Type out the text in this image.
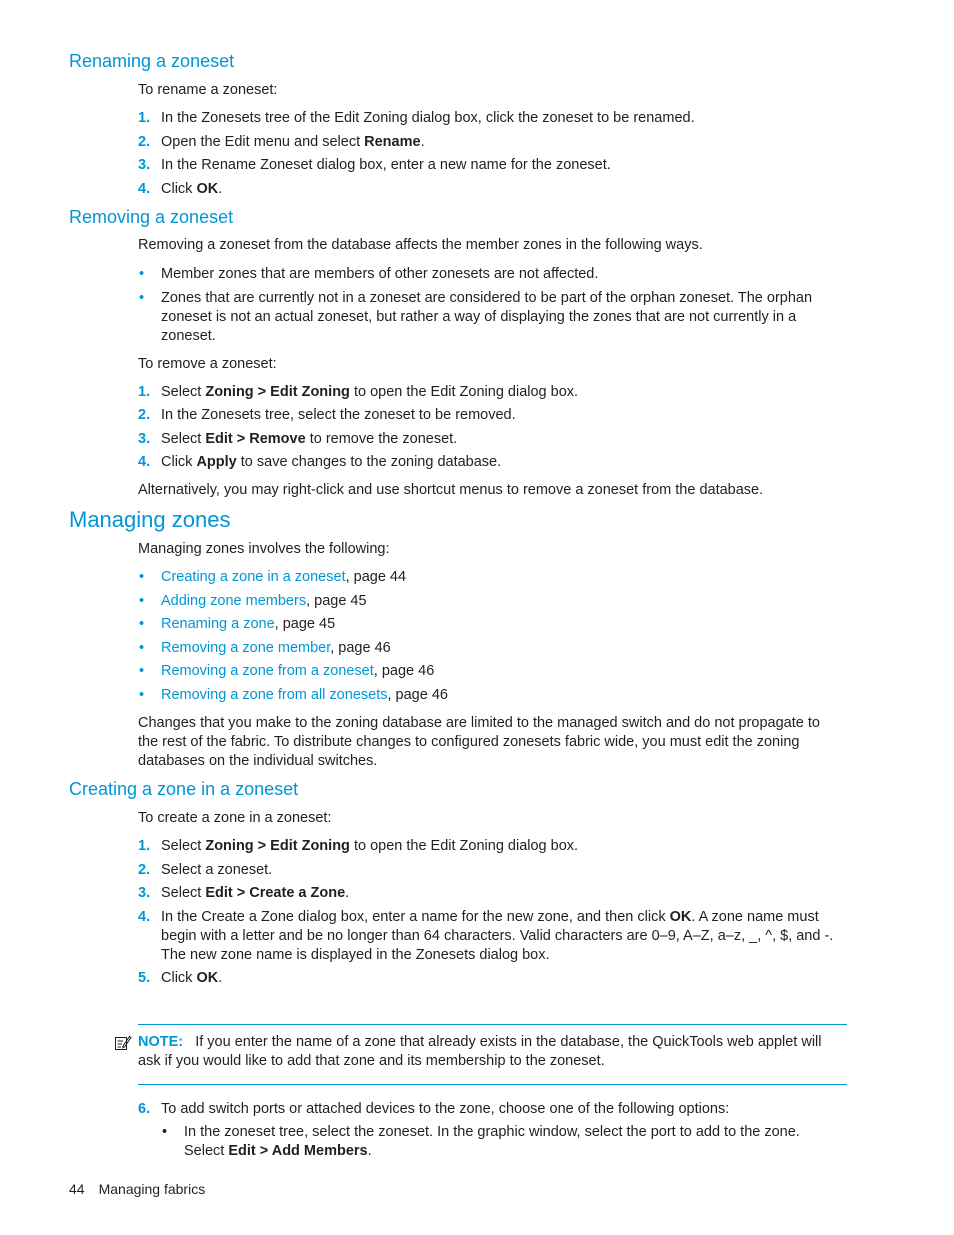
Renaming a zoneset

To rename a zoneset:

1. In the Zonesets tree of the Edit Zoning dialog box, click the zoneset to be renamed.
2. Open the Edit menu and select Rename.
3. In the Rename Zoneset dialog box, enter a new name for the zoneset.
4. Click OK.
Removing a zoneset

Removing a zoneset from the database affects the member zones in the following ways.

• Member zones that are members of other zonesets are not affected.
• Zones that are currently not in a zoneset are considered to be part of the orphan zoneset. The orphan zoneset is not an actual zoneset, but rather a way of displaying the zones that are not currently in a zoneset.

To remove a zoneset:

1. Select Zoning > Edit Zoning to open the Edit Zoning dialog box.
2. In the Zonesets tree, select the zoneset to be removed.
3. Select Edit > Remove to remove the zoneset.
4. Click Apply to save changes to the zoning database.

Alternatively, you may right-click and use shortcut menus to remove a zoneset from the database.

Managing zones

Managing zones involves the following:

• Creating a zone in a zoneset, page 44
• Adding zone members, page 45
• Renaming a zone, page 45
• Removing a zone member, page 46
• Removing a zone from a zoneset, page 46
• Removing a zone from all zonesets, page 46

Changes that you make to the zoning database are limited to the managed switch and do not propagate to the rest of the fabric. To distribute changes to configured zonesets fabric wide, you must edit the zoning databases on the individual switches.

Creating a zone in a zoneset

To create a zone in a zoneset:

1. Select Zoning > Edit Zoning to open the Edit Zoning dialog box.
2. Select a zoneset.
3. Select Edit > Create a Zone.
4. In the Create a Zone dialog box, enter a name for the new zone, and then click OK. A zone name must begin with a letter and be no longer than 64 characters. Valid characters are 0–9, A–Z, a–z, _, ^, $, and -.
The new zone name is displayed in the Zonesets dialog box.
5. Click OK.

NOTE: If you enter the name of a zone that already exists in the database, the QuickTools web applet will ask if you would like to add that zone and its membership to the zoneset.

6. To add switch ports or attached devices to the zone, choose one of the following options:
• In the zoneset tree, select the zoneset. In the graphic window, select the port to add to the zone. Select Edit > Add Members.
44 Managing fabrics
